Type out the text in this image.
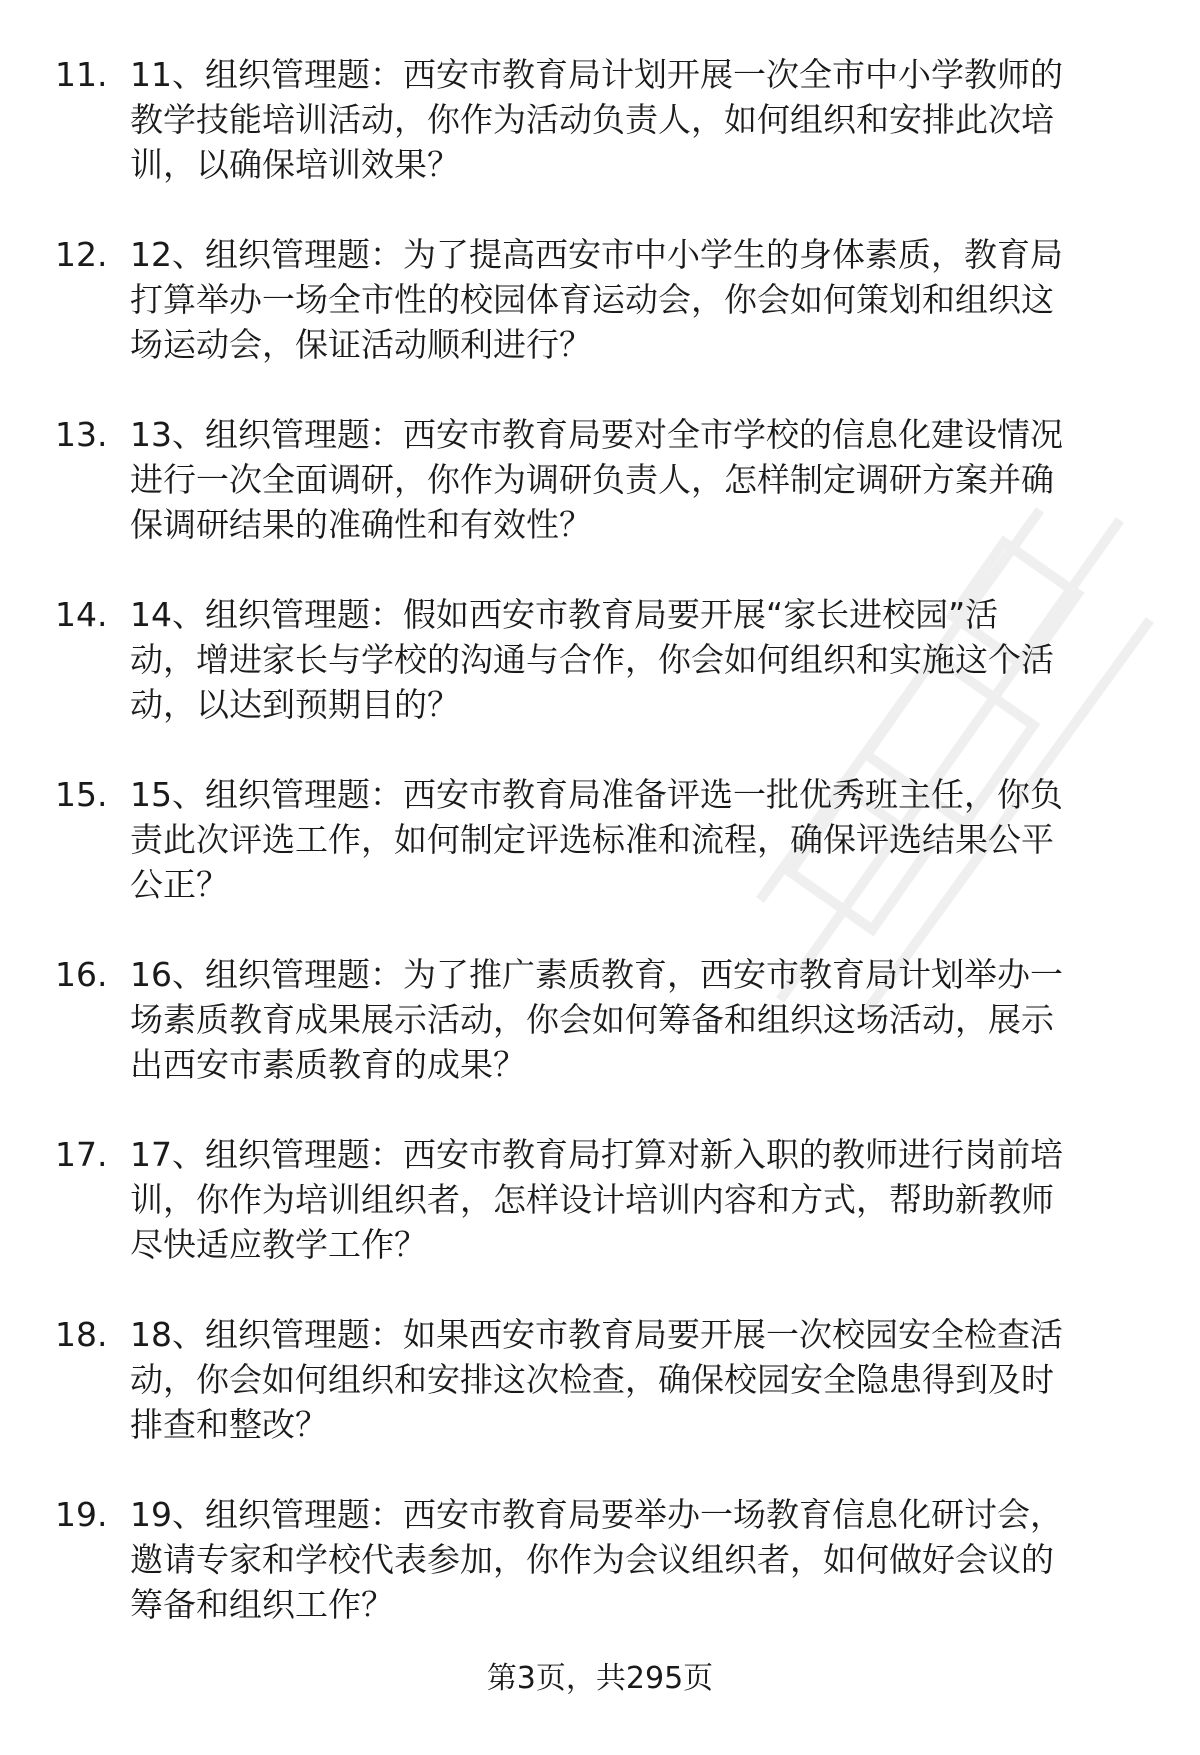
11. 11、组织管理题：西安市教育局计划开展一次全市中小学教师的
教学技能培训活动，你作为活动负责人，如何组织和安排此次培
训，以确保培训效果？

12. 12、组织管理题：为了提高西安市中小学生的身体素质，教育局
打算举办一场全市性的校园体育运动会，你会如何策划和组织这
场运动会，保证活动顺利进行？

13. 13、组织管理题：西安市教育局要对全市学校的信息化建设情况
进行一次全面调研，你作为调研负责人，怎样制定调研方案并确
保调研结果的准确性和有效性？

14. 14、组织管理题：假如西安市教育局要开展“家长进校园”活
动，增进家长与学校的沟通与合作，你会如何组织和实施这个活
动，以达到预期目的？

15. 15、组织管理题：西安市教育局准备评选一批优秀班主任，你负
责此次评选工作，如何制定评选标准和流程，确保评选结果公平
公正？

16. 16、组织管理题：为了推广素质教育，西安市教育局计划举办一
场素质教育成果展示活动，你会如何筹备和组织这场活动，展示
出西安市素质教育的成果？

17. 17、组织管理题：西安市教育局打算对新入职的教师进行岗前培
训，你作为培训组织者，怎样设计培训内容和方式，帮助新教师
尽快适应教学工作？

18. 18、组织管理题：如果西安市教育局要开展一次校园安全检查活
动，你会如何组织和安排这次检查，确保校园安全隐患得到及时
排查和整改？

19. 19、组织管理题：西安市教育局要举办一场教育信息化研讨会，
邀请专家和学校代表参加，你作为会议组织者，如何做好会议的
筹备和组织工作？

第3页，共295页
